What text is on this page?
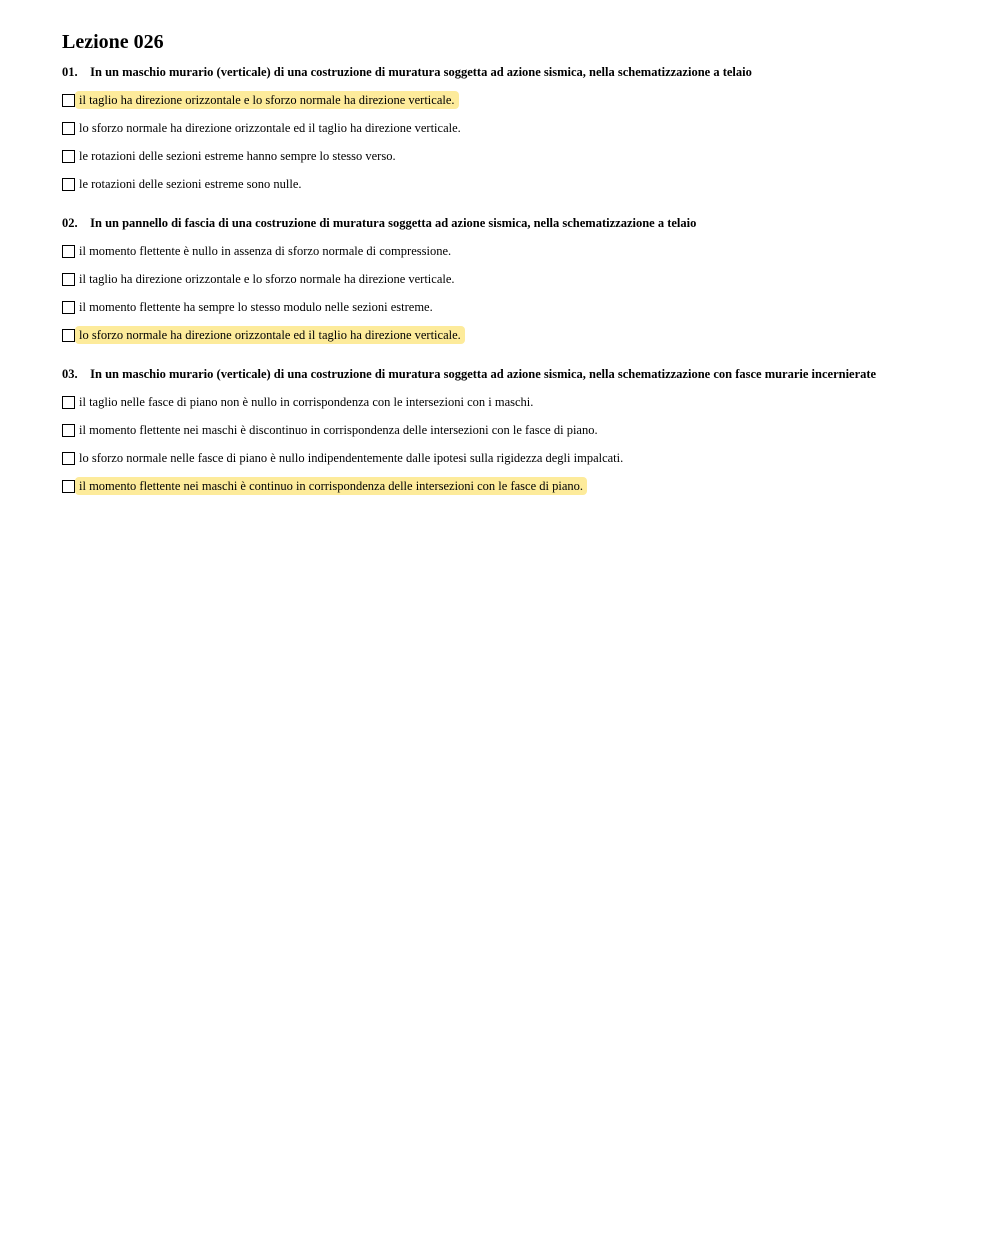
Lezione 026
01. In un maschio murario (verticale) di una costruzione di muratura soggetta ad azione sismica, nella schematizzazione a telaio
il taglio ha direzione orizzontale e lo sforzo normale ha direzione verticale.
lo sforzo normale ha direzione orizzontale ed il taglio ha direzione verticale.
le rotazioni delle sezioni estreme hanno sempre lo stesso verso.
le rotazioni delle sezioni estreme sono nulle.
02. In un pannello di fascia di una costruzione di muratura soggetta ad azione sismica, nella schematizzazione a telaio
il momento flettente è nullo in assenza di sforzo normale di compressione.
il taglio ha direzione orizzontale e lo sforzo normale ha direzione verticale.
il momento flettente ha sempre lo stesso modulo nelle sezioni estreme.
lo sforzo normale ha direzione orizzontale ed il taglio ha direzione verticale.
03. In un maschio murario (verticale) di una costruzione di muratura soggetta ad azione sismica, nella schematizzazione con fasce murarie incernierate
il taglio nelle fasce di piano non è nullo in corrispondenza con le intersezioni con i maschi.
il momento flettente nei maschi è discontinuo in corrispondenza delle intersezioni con le fasce di piano.
lo sforzo normale nelle fasce di piano è nullo indipendentemente dalle ipotesi sulla rigidezza degli impalcati.
il momento flettente nei maschi è continuo in corrispondenza delle intersezioni con le fasce di piano.
